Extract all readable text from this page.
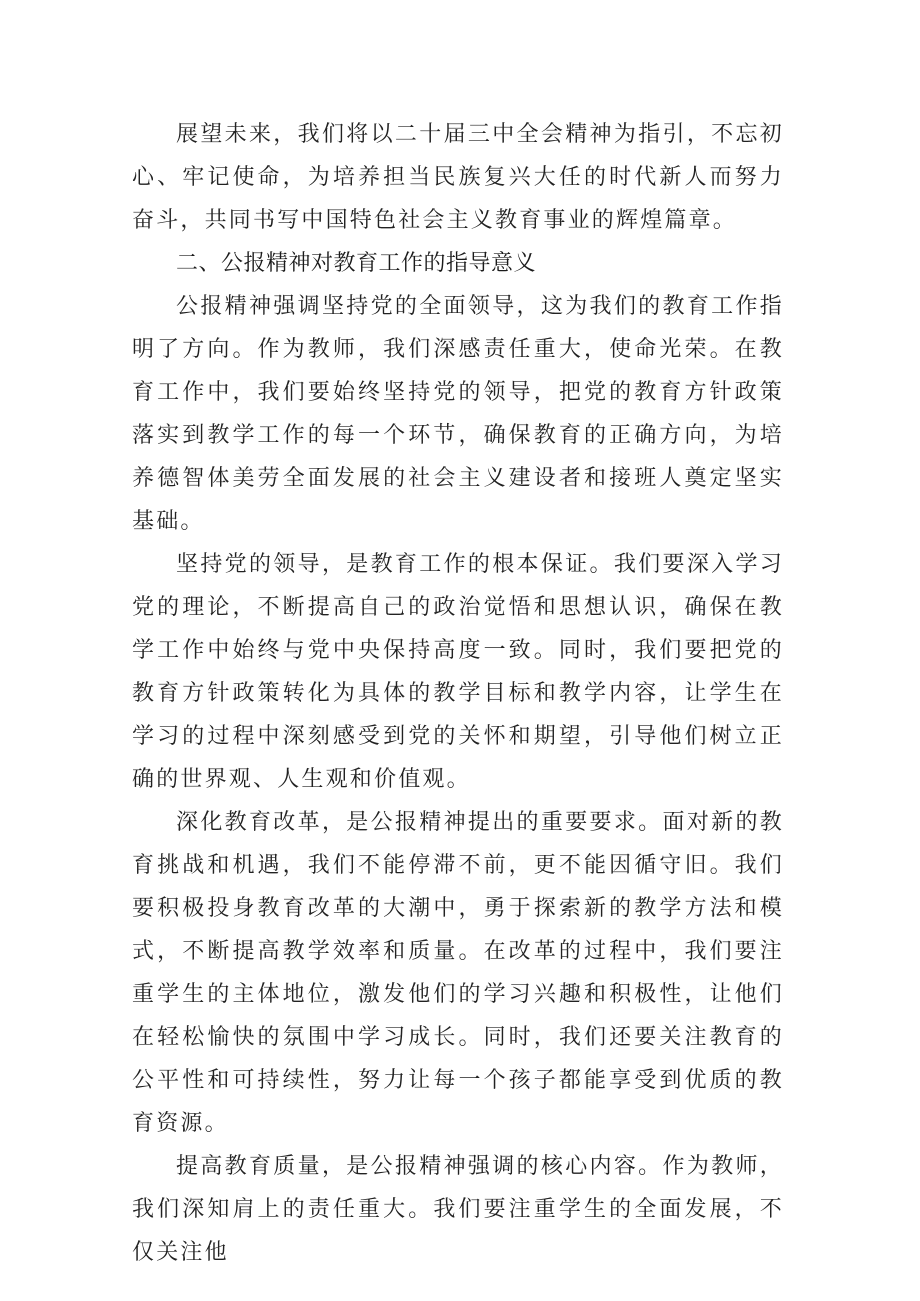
展望未来，我们将以二十届三中全会精神为指引，不忘初心、牢记使命，为培养担当民族复兴大任的时代新人而努力奋斗，共同书写中国特色社会主义教育事业的辉煌篇章。

二、公报精神对教育工作的指导意义

公报精神强调坚持党的全面领导，这为我们的教育工作指明了方向。作为教师，我们深感责任重大，使命光荣。在教育工作中，我们要始终坚持党的领导，把党的教育方针政策落实到教学工作的每一个环节，确保教育的正确方向，为培养德智体美劳全面发展的社会主义建设者和接班人奠定坚实基础。

坚持党的领导，是教育工作的根本保证。我们要深入学习党的理论，不断提高自己的政治觉悟和思想认识，确保在教学工作中始终与党中央保持高度一致。同时，我们要把党的教育方针政策转化为具体的教学目标和教学内容，让学生在学习的过程中深刻感受到党的关怀和期望，引导他们树立正确的世界观、人生观和价值观。

深化教育改革，是公报精神提出的重要要求。面对新的教育挑战和机遇，我们不能停滞不前，更不能因循守旧。我们要积极投身教育改革的大潮中，勇于探索新的教学方法和模式，不断提高教学效率和质量。在改革的过程中，我们要注重学生的主体地位，激发他们的学习兴趣和积极性，让他们在轻松愉快的氛围中学习成长。同时，我们还要关注教育的公平性和可持续性，努力让每一个孩子都能享受到优质的教育资源。

提高教育质量，是公报精神强调的核心内容。作为教师，我们深知肩上的责任重大。我们要注重学生的全面发展，不仅关注他
